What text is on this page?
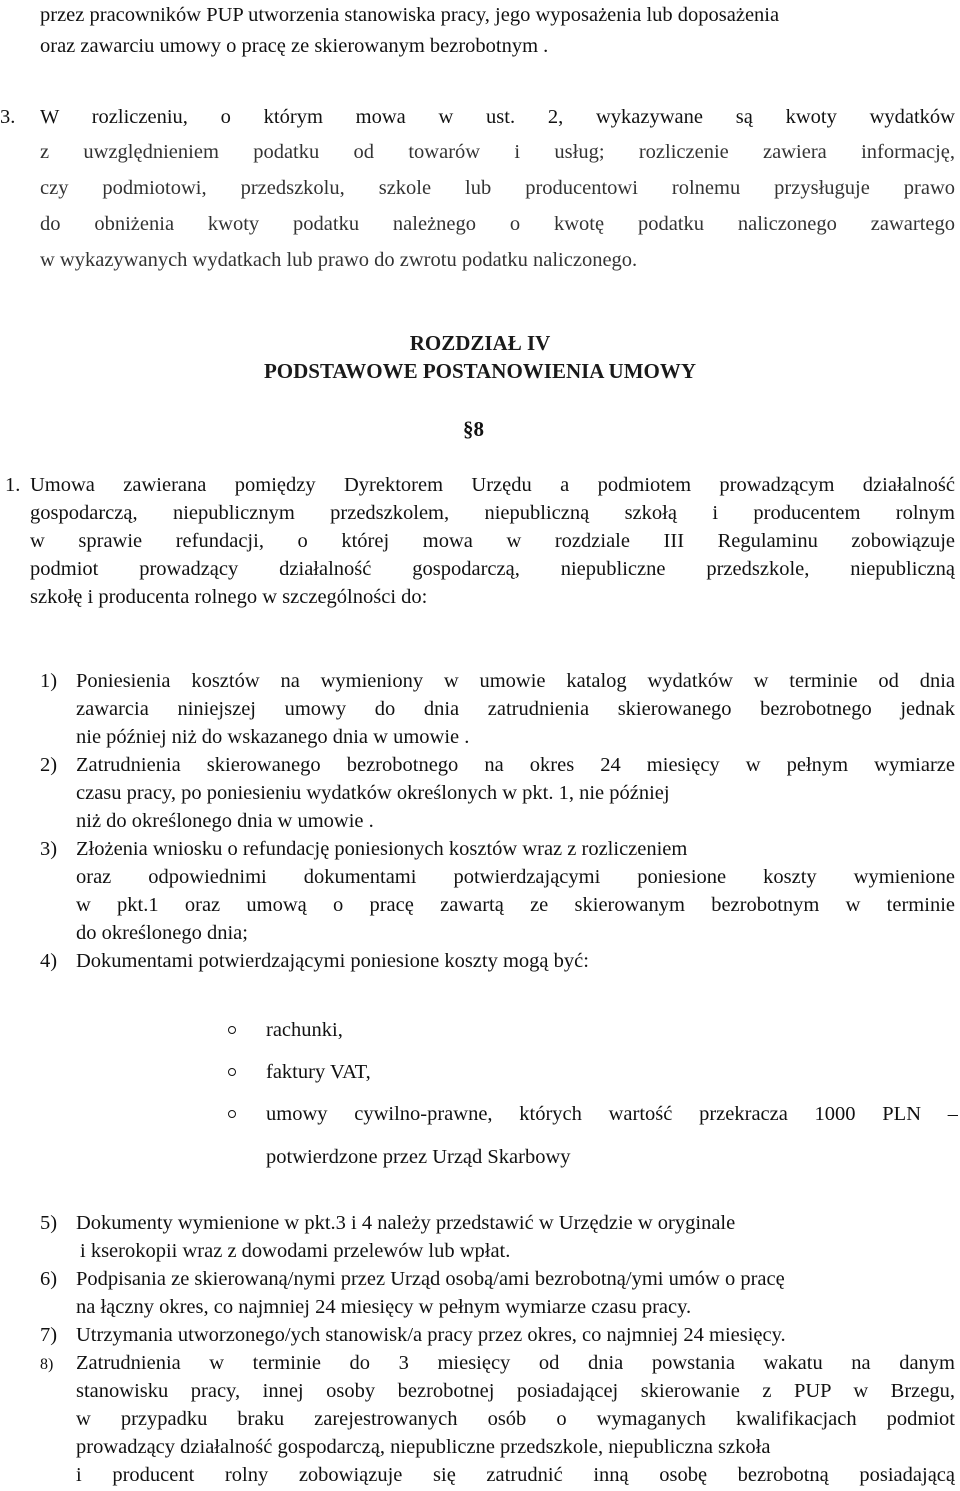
przez pracowników PUP utworzenia stanowiska pracy, jego wyposażenia lub doposażenia

oraz zawarciu umowy o pracę ze skierowanym bezrobotnym .

3. W rozliczeniu, o którym mowa w ust. 2, wykazywane są kwoty wydatków

z uwzględnieniem podatku od towarów i usług; rozliczenie zawiera informację,

czy podmiotowi, przedszkolu, szkole lub producentowi rolnemu przysługuje prawo

do obniżenia kwoty podatku należnego o kwotę podatku naliczonego zawartego

w wykazywanych wydatkach lub prawo do zwrotu podatku naliczonego.

ROZDZIAŁ IV

PODSTAWOWE POSTANOWIENIA UMOWY

§8

1. Umowa zawierana pomiędzy Dyrektorem Urzędu a podmiotem prowadzącym działalność

gospodarczą, niepublicznym przedszkolem, niepubliczną szkołą i producentem rolnym

w sprawie refundacji, o której mowa w rozdziale III Regulaminu zobowiązuje

podmiot prowadzący działalność gospodarczą, niepubliczne przedszkole, niepubliczną

szkołę i producenta rolnego w szczególności do:

1) Poniesienia kosztów na wymieniony w umowie katalog wydatków w terminie od dnia

zawarcia niniejszej umowy do dnia zatrudnienia skierowanego bezrobotnego jednak

nie później niż do wskazanego dnia w umowie .

2) Zatrudnienia skierowanego bezrobotnego na okres 24 miesięcy w pełnym wymiarze

czasu pracy, po poniesieniu wydatków określonych w pkt. 1, nie później

niż do określonego dnia w umowie .

3) Złożenia wniosku o refundację poniesionych kosztów wraz z rozliczeniem

oraz odpowiednimi dokumentami potwierdzającymi poniesione koszty wymienione

w pkt.1 oraz umową o pracę zawartą ze skierowanym bezrobotnym w terminie

do określonego dnia;

4) Dokumentami potwierdzającymi poniesione koszty mogą być:

rachunki,

faktury VAT,

umowy cywilno-prawne, których wartość przekracza 1000 PLN –

potwierdzone przez Urząd Skarbowy

5) Dokumenty wymienione w pkt.3 i 4 należy przedstawić w Urzędzie w oryginale

i kserokopii wraz z dowodami przelewów lub wpłat.

6) Podpisania ze skierowaną/nymi przez Urząd osobą/ami bezrobotną/ymi umów o pracę

na łączny okres, co najmniej 24 miesięcy w pełnym wymiarze czasu pracy.

7) Utrzymania utworzonego/ych stanowisk/a pracy przez okres, co najmniej 24 miesięcy.

8) Zatrudnienia w terminie do 3 miesięcy od dnia powstania wakatu na danym

stanowisku pracy, innej osoby bezrobotnej posiadającej skierowanie z PUP w Brzegu,

w przypadku braku zarejestrowanych osób o wymaganych kwalifikacjach podmiot

prowadzący działalność gospodarczą, niepubliczne przedszkole, niepubliczna szkoła

i producent rolny zobowiązuje się zatrudnić inną osobę bezrobotną posiadającą
